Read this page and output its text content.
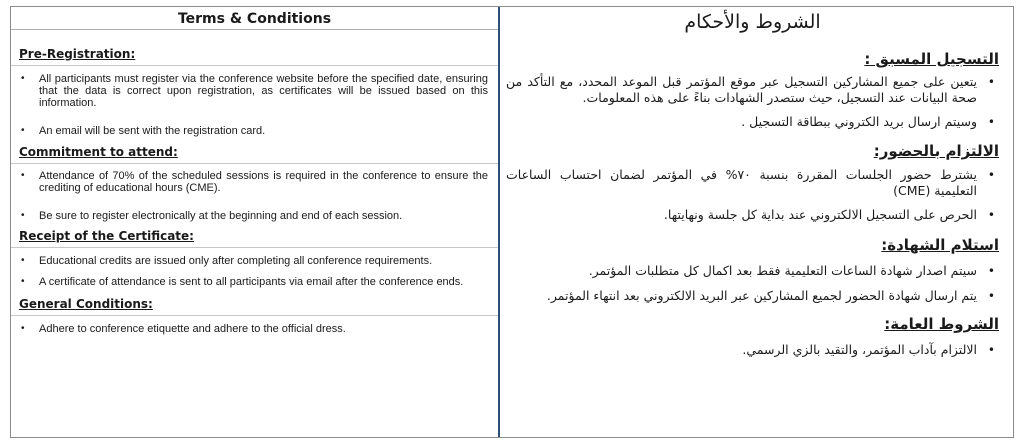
Terms & Conditions

Pre-Registration:

• All participants must register via the conference website before the specified date, ensuring that the data is correct upon registration, as certificates will be issued based on this information.
• An email will be sent with the registration card.

Commitment to attend:

• Attendance of 70% of the scheduled sessions is required in the conference to ensure the crediting of educational hours (CME).
• Be sure to register electronically at the beginning and end of each session.

Receipt of the Certificate:

• Educational credits are issued only after completing all conference requirements.
• A certificate of attendance is sent to all participants via email after the conference ends.

General Conditions:

• Adhere to conference etiquette and adhere to the official dress.
الشروط والأحكام

التسجيل المسبق :

• يتعين على جميع المشاركين التسجيل عبر موقع المؤتمر قبل الموعد المحدد، مع التأكد من صحة البيانات عند التسجيل، حيث ستصدر الشهادات بناءً على هذه المعلومات.
• وسيتم ارسال بريد الكتروني ببطاقة التسجيل .

الالتزام بالحضور:

• يشترط حضور الجلسات المقررة بنسبة ٧٠% في المؤتمر لضمان احتساب الساعات التعليمية (CME)
• الحرص على التسجيل الالكتروني عند بداية كل جلسة ونهايتها.

استلام الشهادة:

• سيتم اصدار شهادة الساعات التعليمية فقط بعد اكمال كل متطلبات المؤتمر.
• يتم ارسال شهادة الحضور لجميع المشاركين عبر البريد الالكتروني بعد انتهاء المؤتمر.

الشروط العامة:

• الالتزام بآداب المؤتمر، والتقيد بالزي الرسمي.
